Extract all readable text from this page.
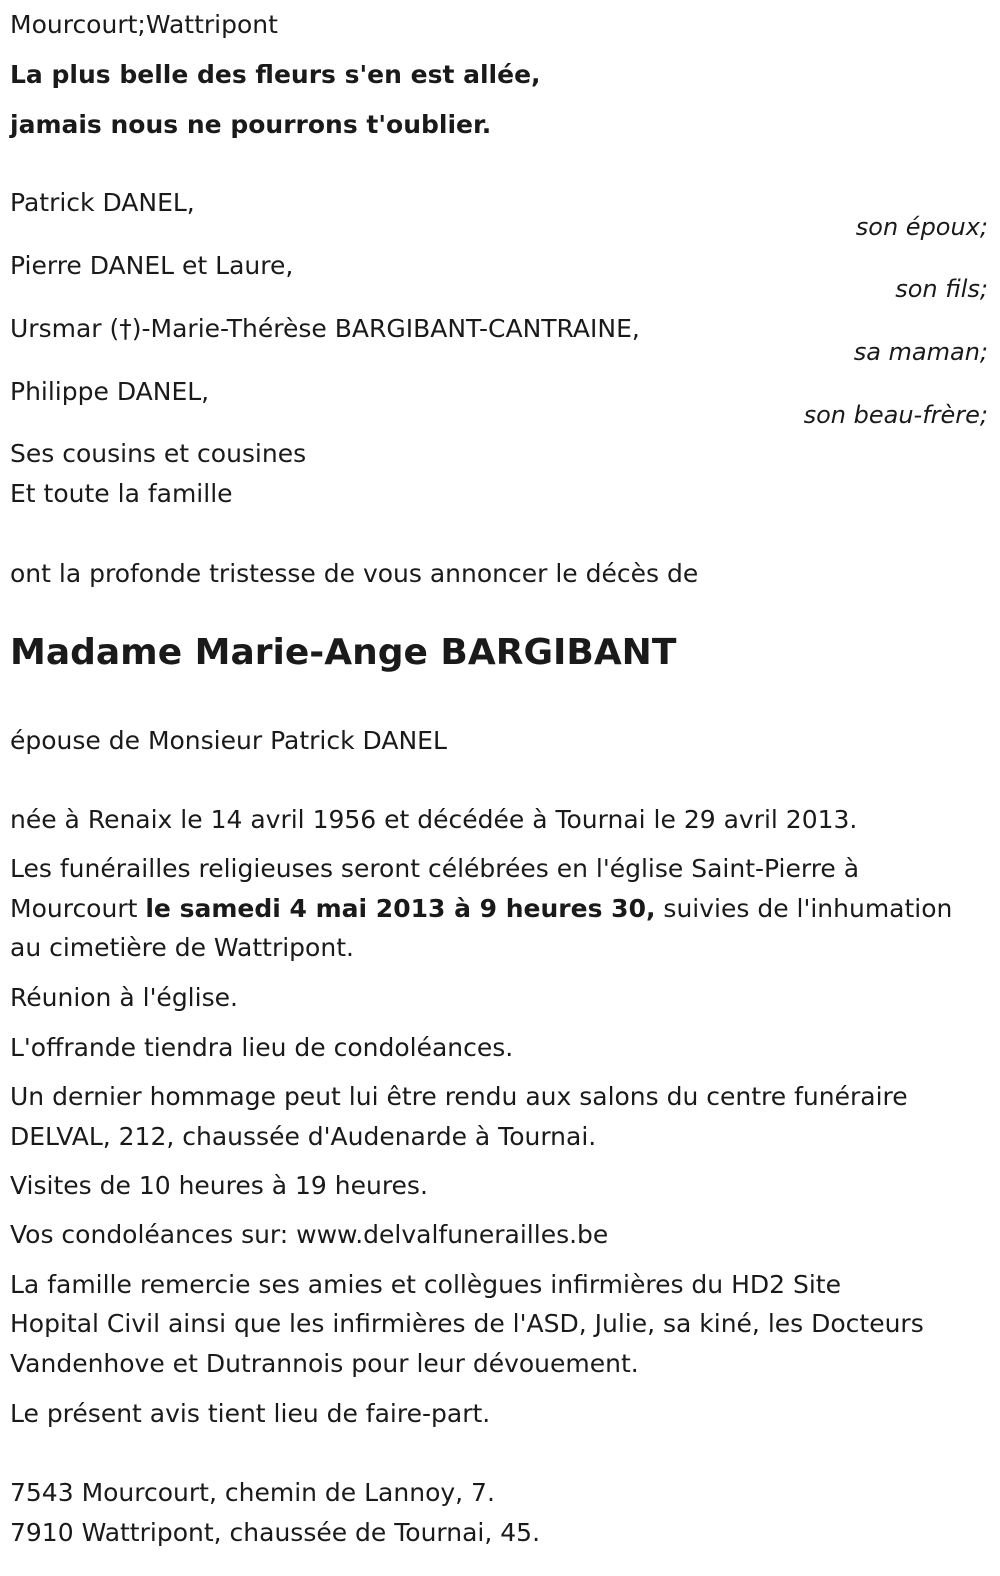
Mourcourt;Wattripont
La plus belle des fleurs s'en est allée,
jamais nous ne pourrons t'oublier.
Patrick DANEL,
son époux;
Pierre DANEL et Laure,
son fils;
Ursmar (†)-Marie-Thérèse BARGIBANT-CANTRAINE,
sa maman;
Philippe DANEL,
son beau-frère;
Ses cousins et cousines
Et toute la famille
ont la profonde tristesse de vous annoncer le décès de
Madame Marie-Ange BARGIBANT
épouse de Monsieur Patrick DANEL
née à Renaix le 14 avril 1956 et décédée à Tournai le 29 avril 2013.
Les funérailles religieuses seront célébrées en l'église Saint-Pierre à
Mourcourt le samedi 4 mai 2013 à 9 heures 30, suivies de l'inhumation
au cimetière de Wattripont.
Réunion à l'église.
L'offrande tiendra lieu de condoléances.
Un dernier hommage peut lui être rendu aux salons du centre funéraire
DELVAL, 212, chaussée d'Audenarde à Tournai.
Visites de 10 heures à 19 heures.
Vos condoléances sur: www.delvalfunerailles.be
La famille remercie ses amies et collègues infirmières du HD2 Site
Hopital Civil ainsi que les infirmières de l'ASD, Julie, sa kiné, les Docteurs
Vandenhove et Dutrannois pour leur dévouement.
Le présent avis tient lieu de faire-part.
7543 Mourcourt, chemin de Lannoy, 7.
7910 Wattripont, chaussée de Tournai, 45.
